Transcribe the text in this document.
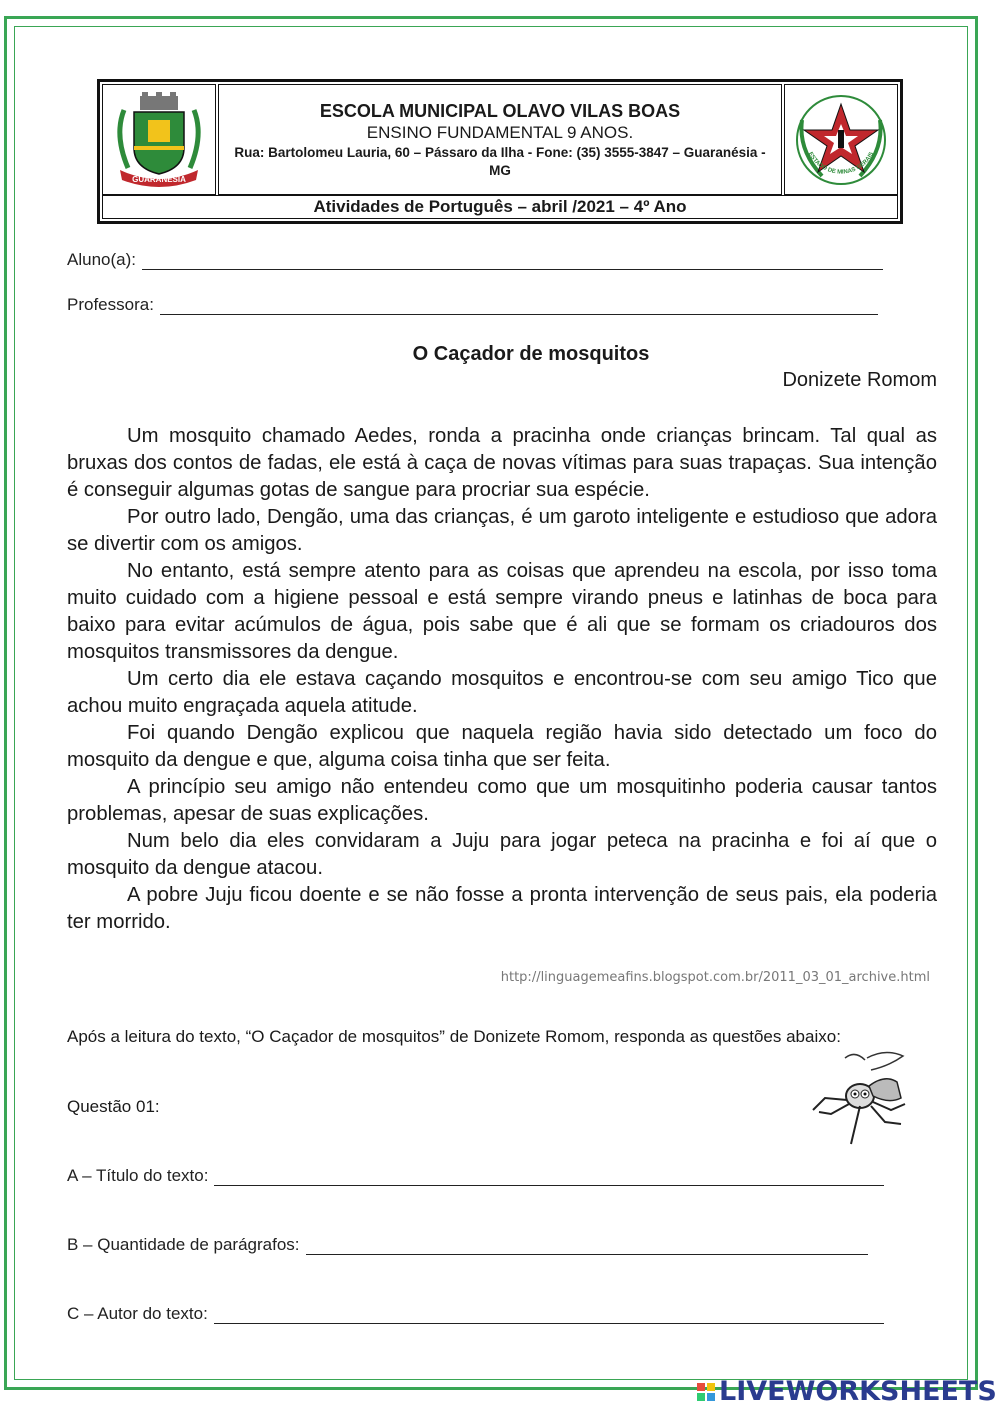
GUARANÉSIA
ESCOLA MUNICIPAL OLAVO VILAS BOAS
ENSINO FUNDAMENTAL 9 ANOS.
Rua: Bartolomeu Lauria, 60 – Pássaro da Ilha - Fone: (35) 3555-3847 – Guaranésia - MG
ESTADO DE MINAS GERAIS
Atividades de Português – abril /2021 – 4º Ano
Aluno(a):
Professora:
O Caçador de mosquitos
Donizete Romom

Um mosquito chamado Aedes, ronda a pracinha onde crianças brincam. Tal qual as bruxas dos contos de fadas, ele está à caça de novas vítimas para suas trapaças. Sua intenção é conseguir algumas gotas de sangue para procriar sua espécie.

Por outro lado, Dengão, uma das crianças, é um garoto inteligente e estudioso que adora se divertir com os amigos.

No entanto, está sempre atento para as coisas que aprendeu na escola, por isso toma muito cuidado com a higiene pessoal e está sempre virando pneus e latinhas de boca para baixo para evitar acúmulos de água, pois sabe que é ali que se formam os criadouros dos mosquitos transmissores da dengue.

Um certo dia ele estava caçando mosquitos e encontrou-se com seu amigo Tico que achou muito engraçada aquela atitude.

Foi quando Dengão explicou que naquela região havia sido detectado um foco do mosquito da dengue e que, alguma coisa tinha que ser feita.

A princípio seu amigo não entendeu como que um mosquitinho poderia causar tantos problemas, apesar de suas explicações.

Num belo dia eles convidaram a Juju para jogar peteca na pracinha e foi aí que o mosquito da dengue atacou.

A pobre Juju ficou doente e se não fosse a pronta intervenção de seus pais, ela poderia ter morrido.

http://linguagemeafins.blogspot.com.br/2011_03_01_archive.html
Após a leitura do texto, “O Caçador de mosquitos” de Donizete Romom, responda as questões abaixo:
Questão 01:
A – Título do texto:
B – Quantidade de parágrafos:
C – Autor do texto:
LIVEWORKSHEETS
